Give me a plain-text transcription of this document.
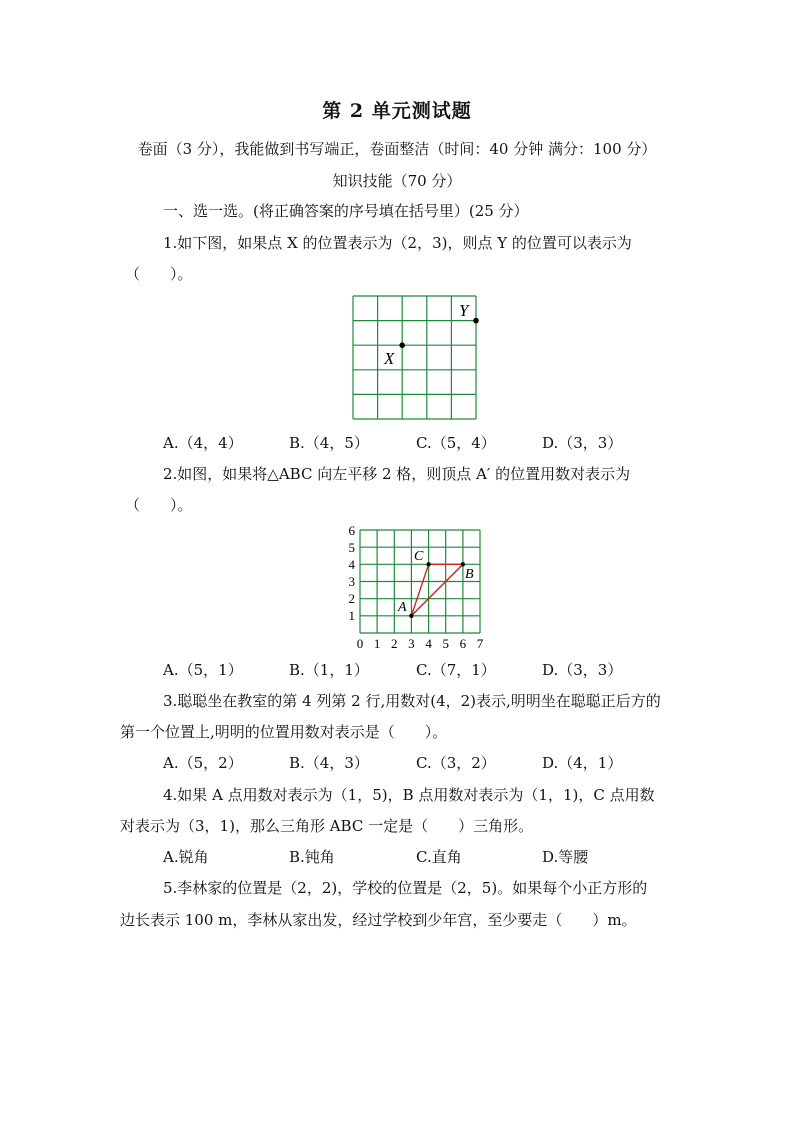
第 2 单元测试题
卷面（3 分），我能做到书写端正，卷面整洁（时间：40 分钟 满分：100 分）
知识技能（70 分）
一、选一选。(将正确答案的序号填在括号里）(25 分）
1.如下图，如果点 X 的位置表示为（2，3)，则点 Y 的位置可以表示为
（　　）。
X
Y
A.（4，4）	B.（4，5）	C.（5，4）	D.（3，3）
2.如图，如果将△ABC 向左平移 2 格，则顶点 A′ 的位置用数对表示为
（　　）。
A
B
C
0 1 2 3 4 5 6 7
1
2
3
4
5
6
A.（5，1）	B.（1，1）	C.（7，1）	D.（3，3）
3.聪聪坐在教室的第 4 列第 2 行,用数对(4，2)表示,明明坐在聪聪正后方的
第一个位置上,明明的位置用数对表示是（　　）。
A.（5，2）	B.（4，3）	C.（3，2）	D.（4，1）
4.如果 A 点用数对表示为（1，5)，B 点用数对表示为（1，1)，C 点用数
对表示为（3，1)，那么三角形 ABC 一定是（　　）三角形。
A.锐角	B.钝角	C.直角	D.等腰
5.李林家的位置是（2，2)，学校的位置是（2，5)。如果每个小正方形的
边长表示 100 m，李林从家出发，经过学校到少年宫，至少要走（　　）m。
